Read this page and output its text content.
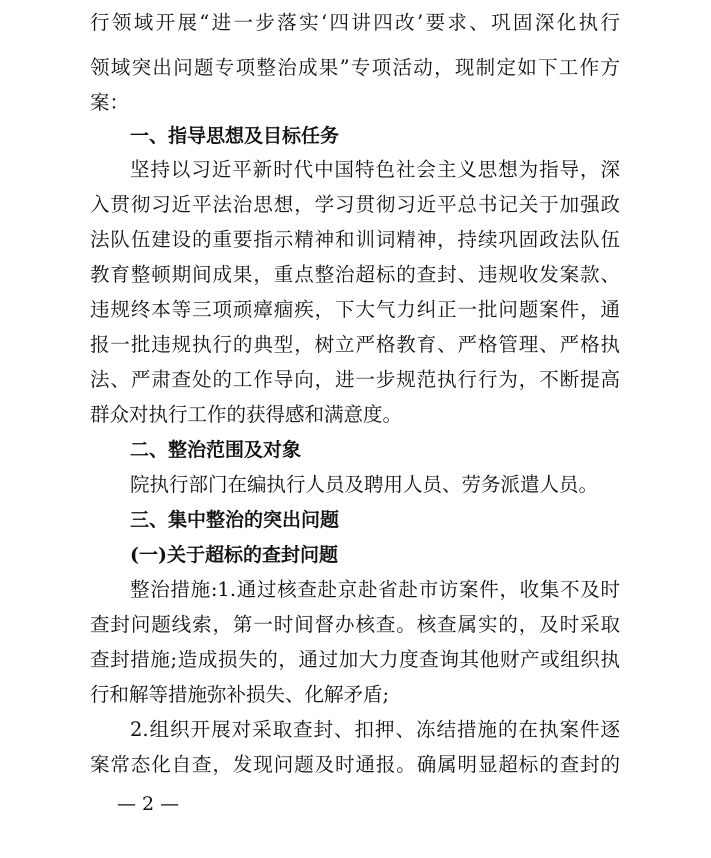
行领域开展“进一步落实‘四讲四改’要求、巩固深化执行
领域突出问题专项整治成果”专项活动，现制定如下工作方
案：
一、指导思想及目标任务
坚持以习近平新时代中国特色社会主义思想为指导，深
入贯彻习近平法治思想，学习贯彻习近平总书记关于加强政
法队伍建设的重要指示精神和训词精神，持续巩固政法队伍
教育整顿期间成果，重点整治超标的查封、违规收发案款、
违规终本等三项顽瘴痼疾，下大气力纠正一批问题案件，通
报一批违规执行的典型，树立严格教育、严格管理、严格执
法、严肃查处的工作导向，进一步规范执行行为，不断提高
群众对执行工作的获得感和满意度。
二、整治范围及对象
院执行部门在编执行人员及聘用人员、劳务派遣人员。
三、集中整治的突出问题
(一)关于超标的查封问题
整治措施:1.通过核查赴京赴省赴市访案件，收集不及时
查封问题线索，第一时间督办核查。核查属实的，及时采取
查封措施;造成损失的，通过加大力度查询其他财产或组织执
行和解等措施弥补损失、化解矛盾;
2.组织开展对采取查封、扣押、冻结措施的在执案件逐
案常态化自查，发现问题及时通报。确属明显超标的查封的
— 2 —
